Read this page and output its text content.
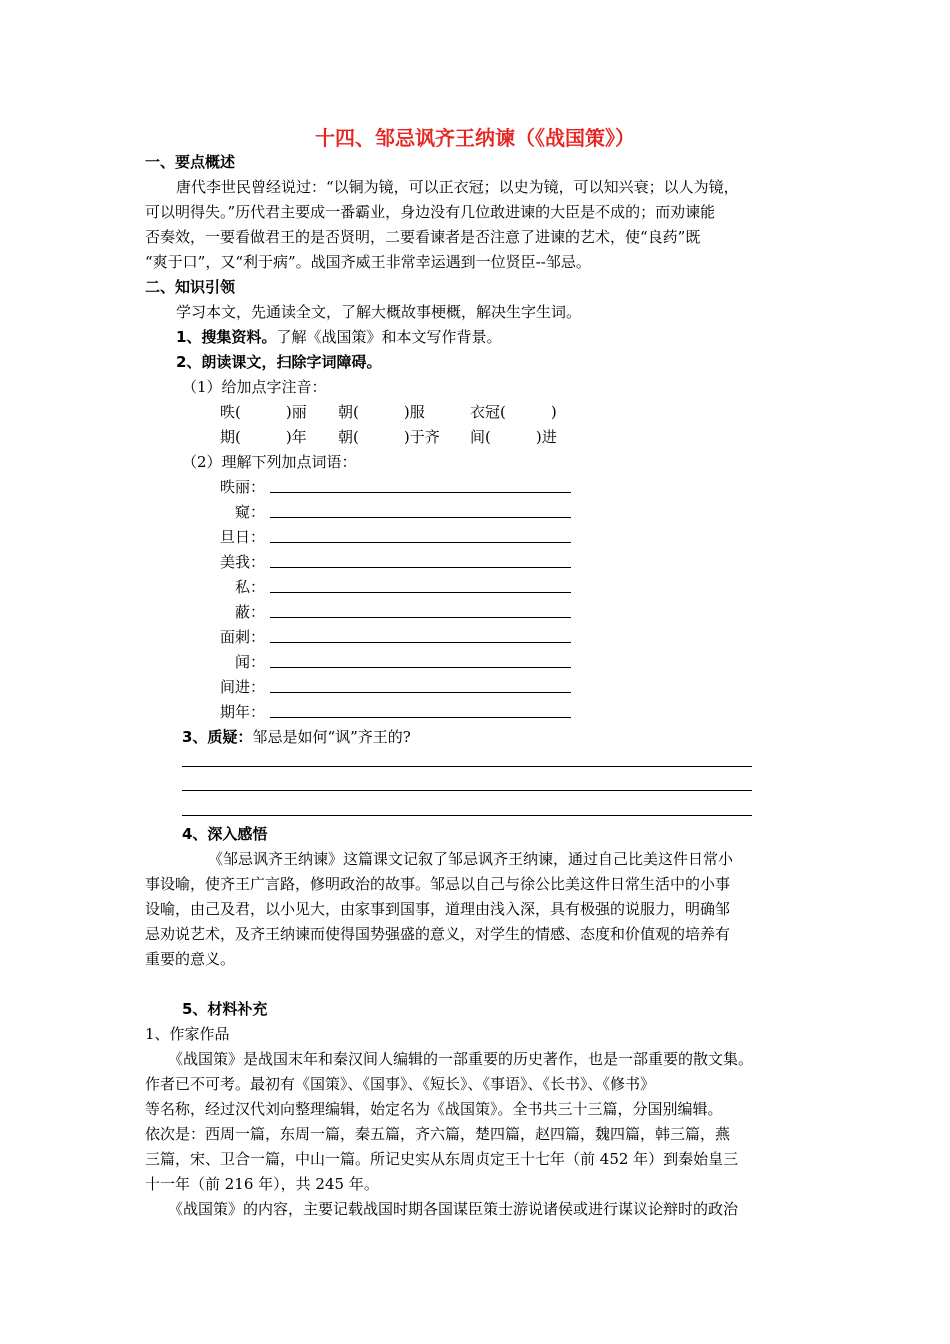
十四、邹忌讽齐王纳谏（《战国策》）
一、要点概述
唐代李世民曾经说过：“以铜为镜，可以正衣冠；以史为镜，可以知兴衰；以人为镜，
可以明得失。”历代君主要成一番霸业，身边没有几位敢进谏的大臣是不成的；而劝谏能
否奏效，一要看做君王的是否贤明，二要看谏者是否注意了进谏的艺术，使“良药”既
“爽于口”，又“利于病”。战国齐威王非常幸运遇到一位贤臣--邹忌。
二、知识引领
学习本文，先通读全文，了解大概故事梗概，解决生字生词。
1、搜集资料。了解《战国策》和本文写作背景。
2、朗读课文，扫除字词障碍。
（1）给加点字注音：
昳(　　　)丽 朝(　　　)服	衣冠(　　　)
期(　　　)年 朝(　　　)于齐 间(　　　)进
（2）理解下列加点词语：
昳丽：
窥：
旦日：
美我：
私：
蔽：
面刺：
闻：
间进：
期年：
3、质疑：邹忌是如何“讽”齐王的?
4、深入感悟
《邹忌讽齐王纳谏》这篇课文记叙了邹忌讽齐王纳谏，通过自己比美这件日常小
事设喻，使齐王广言路，修明政治的故事。邹忌以自己与徐公比美这件日常生活中的小事
设喻，由己及君，以小见大，由家事到国事，道理由浅入深，具有极强的说服力，明确邹
忌劝说艺术，及齐王纳谏而使得国势强盛的意义，对学生的情感、态度和价值观的培养有
重要的意义。
5、材料补充
1、作家作品
《战国策》是战国末年和秦汉间人编辑的一部重要的历史著作，也是一部重要的散文集。
作者已不可考。最初有《国策》、《国事》、《短长》、《事语》、《长书》、《修书》
等名称，经过汉代刘向整理编辑，始定名为《战国策》。全书共三十三篇，分国别编辑。
依次是：西周一篇，东周一篇，秦五篇，齐六篇，楚四篇，赵四篇，魏四篇，韩三篇，燕
三篇，宋、卫合一篇，中山一篇。所记史实从东周贞定王十七年（前 452 年）到秦始皇三
十一年（前 216 年），共 245 年。
《战国策》的内容，主要记载战国时期各国谋臣策士游说诸侯或进行谋议论辩时的政治
